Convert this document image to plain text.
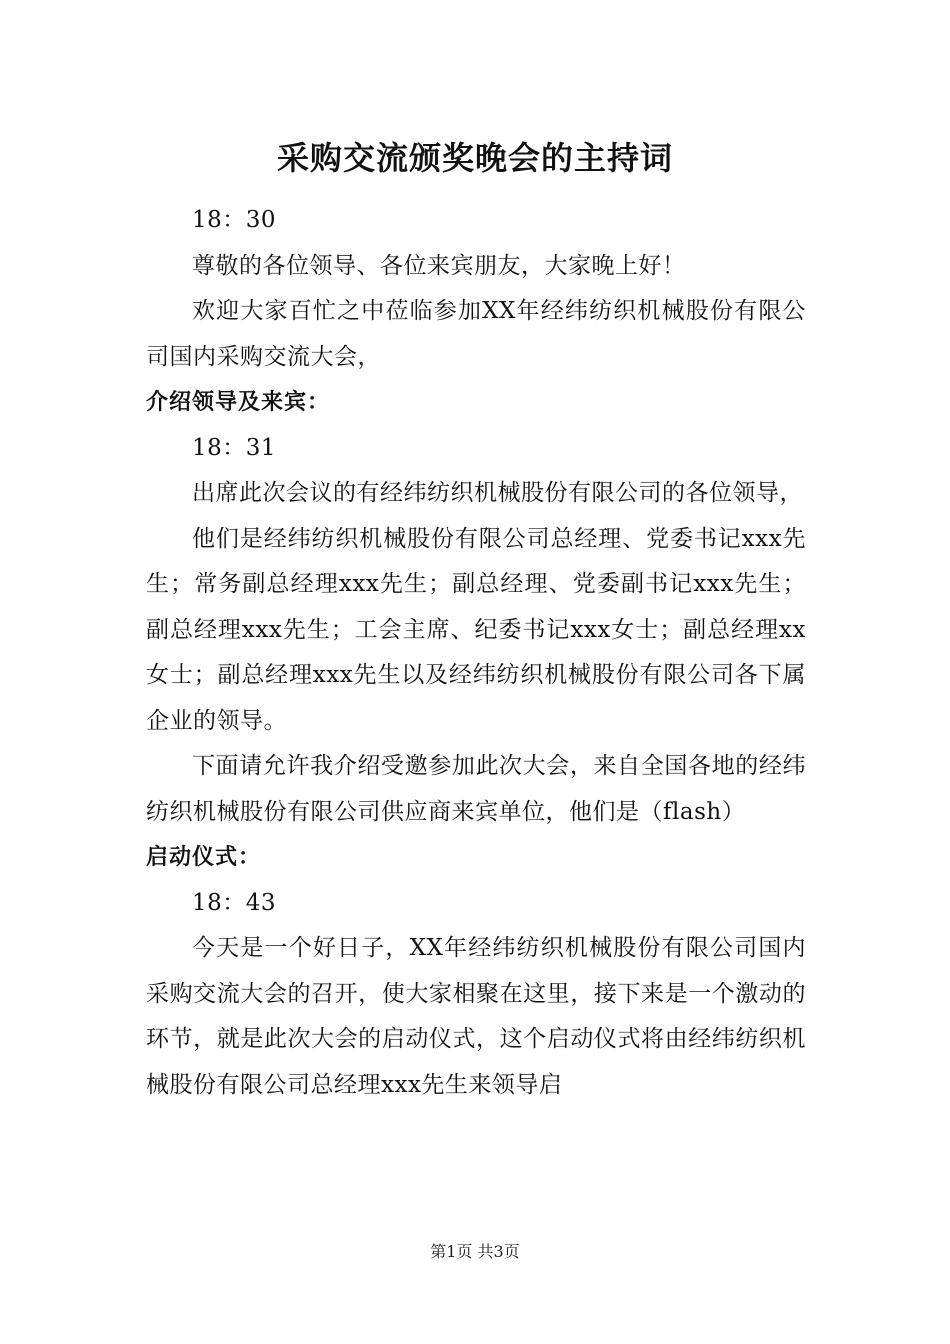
采购交流颁奖晚会的主持词

18：30

尊敬的各位领导、各位来宾朋友，大家晚上好！

欢迎大家百忙之中莅临参加XX年经纬纺织机械股份有限公司国内采购交流大会，

介绍领导及来宾：

18：31

出席此次会议的有经纬纺织机械股份有限公司的各位领导，

他们是经纬纺织机械股份有限公司总经理、党委书记xxx先生；常务副总经理xxx先生；副总经理、党委副书记xxx先生；副总经理xxx先生；工会主席、纪委书记xxx女士；副总经理xx女士；副总经理xxx先生以及经纬纺织机械股份有限公司各下属企业的领导。

下面请允许我介绍受邀参加此次大会，来自全国各地的经纬纺织机械股份有限公司供应商来宾单位，他们是（flash）

启动仪式：

18：43

今天是一个好日子，XX年经纬纺织机械股份有限公司国内采购交流大会的召开，使大家相聚在这里，接下来是一个激动的环节，就是此次大会的启动仪式，这个启动仪式将由经纬纺织机械股份有限公司总经理xxx先生来领导启

第1页 共3页
